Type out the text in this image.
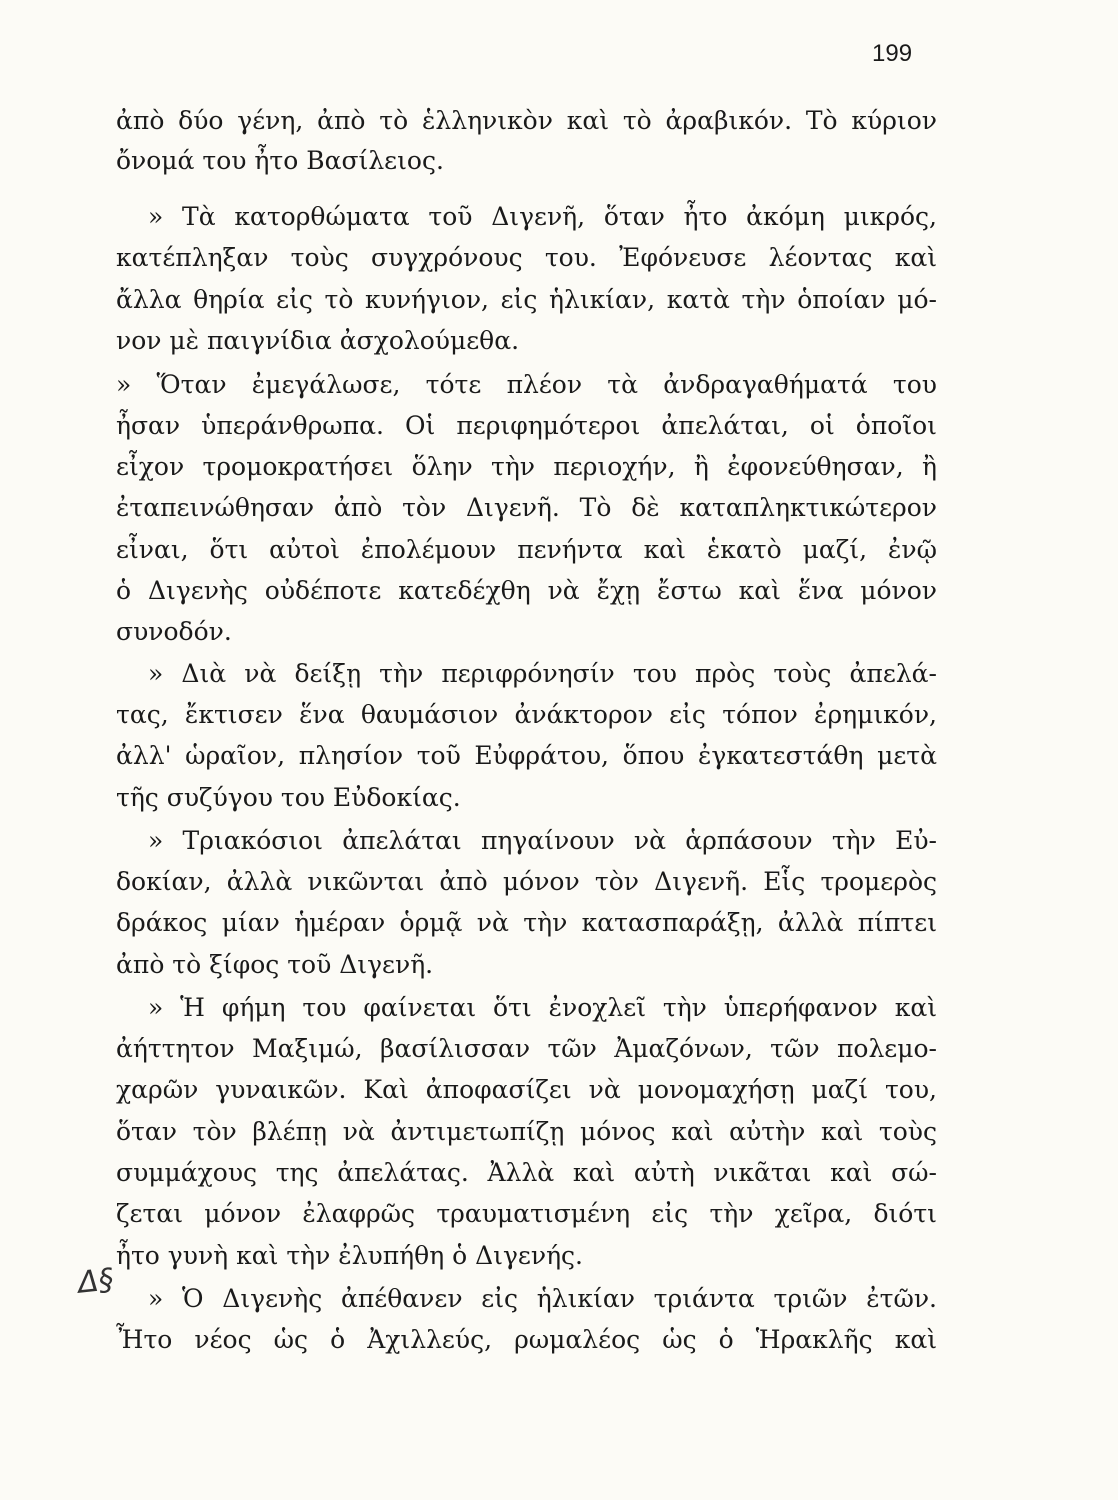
199
Δ§
ἀπὸ δύο γένη, ἀπὸ τὸ ἑλληνικὸν καὶ τὸ ἀραβικόν. Τὸ κύριον
ὄνομά του ἦτο Βασίλειος.
» Τὰ κατορθώματα τοῦ Διγενῆ, ὅταν ἦτο ἀκόμη μικρός,
κατέπληξαν τοὺς συγχρόνους του. Ἐφόνευσε λέοντας καὶ
ἄλλα θηρία εἰς τὸ κυνήγιον, εἰς ἡλικίαν, κατὰ τὴν ὁποίαν μό-
νον μὲ παιγνίδια ἀσχολούμεθα.
» Ὅταν ἐμεγάλωσε, τότε πλέον τὰ ἀνδραγαθήματά του
ἦσαν ὑπεράνθρωπα. Οἱ περιφημότεροι ἀπελάται, οἱ ὁποῖοι
εἶχον τρομοκρατήσει ὅλην τὴν περιοχήν, ἢ ἐφονεύθησαν, ἢ
ἐταπεινώθησαν ἀπὸ τὸν Διγενῆ. Τὸ δὲ καταπληκτικώτερον
εἶναι, ὅτι αὐτοὶ ἐπολέμουν πενήντα καὶ ἑκατὸ μαζί, ἐνῷ
ὁ Διγενὴς οὐδέποτε κατεδέχθη νὰ ἔχῃ ἔστω καὶ ἕνα μόνον
συνοδόν.
» Διὰ νὰ δείξῃ τὴν περιφρόνησίν του πρὸς τοὺς ἀπελά-
τας, ἔκτισεν ἕνα θαυμάσιον ἀνάκτορον εἰς τόπον ἐρημικόν,
ἀλλ' ὡραῖον, πλησίον τοῦ Εὐφράτου, ὅπου ἐγκατεστάθη μετὰ
τῆς συζύγου του Εὐδοκίας.
» Τριακόσιοι ἀπελάται πηγαίνουν νὰ ἁρπάσουν τὴν Εὐ-
δοκίαν, ἀλλὰ νικῶνται ἀπὸ μόνον τὸν Διγενῆ. Εἷς τρομερὸς
δράκος μίαν ἡμέραν ὁρμᾷ νὰ τὴν κατασπαράξῃ, ἀλλὰ πίπτει
ἀπὸ τὸ ξίφος τοῦ Διγενῆ.
» Ἡ φήμη του φαίνεται ὅτι ἐνοχλεῖ τὴν ὑπερήφανον καὶ
ἀήττητον Μαξιμώ, βασίλισσαν τῶν Ἀμαζόνων, τῶν πολεμο-
χαρῶν γυναικῶν. Καὶ ἀποφασίζει νὰ μονομαχήσῃ μαζί του,
ὅταν τὸν βλέπῃ νὰ ἀντιμετωπίζῃ μόνος καὶ αὐτὴν καὶ τοὺς
συμμάχους της ἀπελάτας. Ἀλλὰ καὶ αὐτὴ νικᾶται καὶ σώ-
ζεται μόνον ἐλαφρῶς τραυματισμένη εἰς τὴν χεῖρα, διότι
ἦτο γυνὴ καὶ τὴν ἐλυπήθη ὁ Διγενής.
» Ὁ Διγενὴς ἀπέθανεν εἰς ἡλικίαν τριάντα τριῶν ἐτῶν.
Ἦτο νέος ὡς ὁ Ἀχιλλεύς, ρωμαλέος ὡς ὁ Ἡρακλῆς καὶ
